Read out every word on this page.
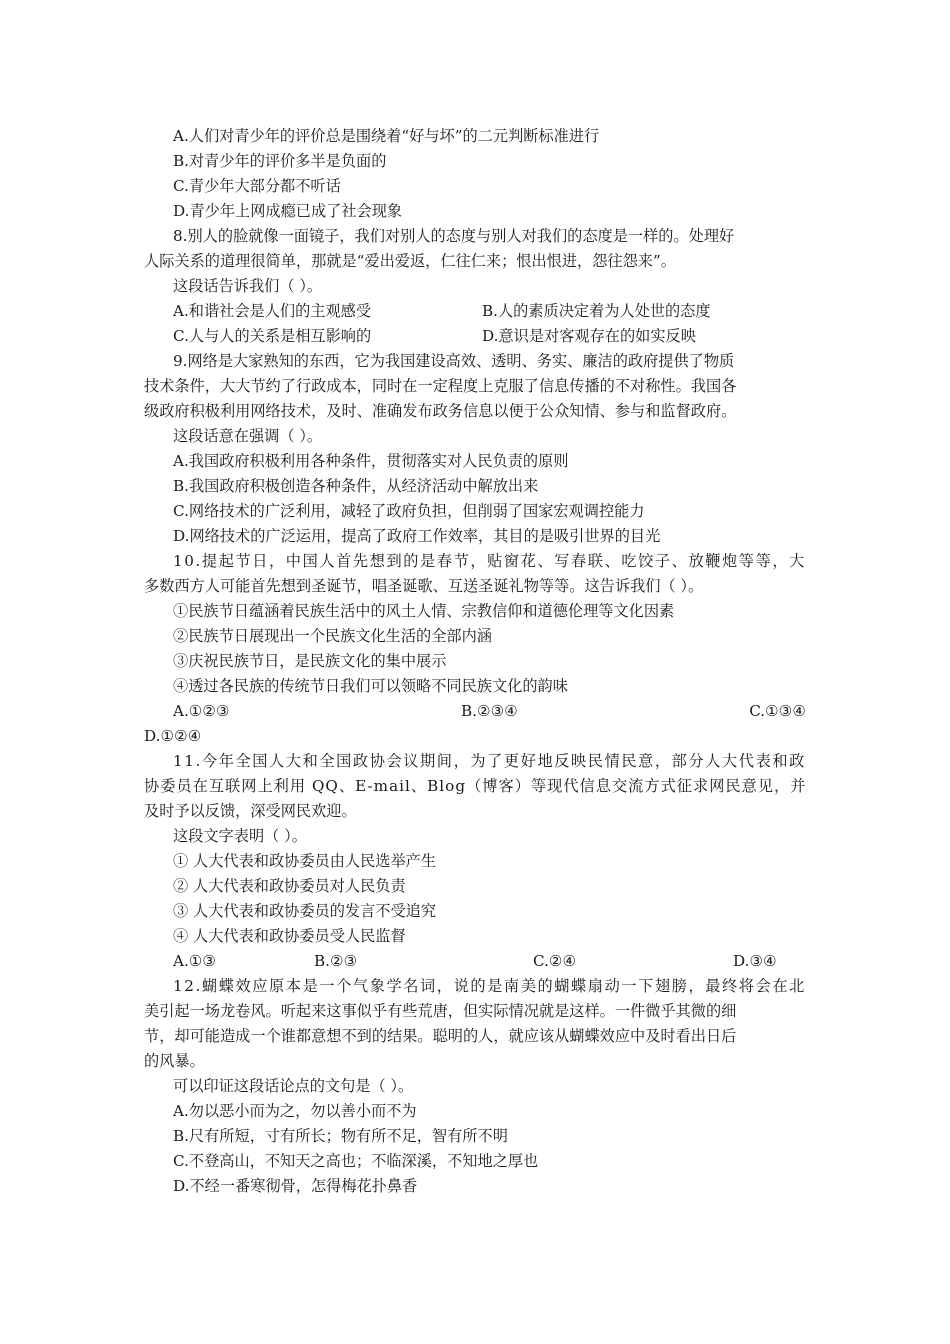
A.人们对青少年的评价总是围绕着“好与坏”的二元判断标准进行
B.对青少年的评价多半是负面的
C.青少年大部分都不听话
D.青少年上网成瘾已成了社会现象
8.别人的脸就像一面镜子，我们对别人的态度与别人对我们的态度是一样的。处理好
人际关系的道理很简单，那就是“爱出爱返，仁往仁来；恨出恨进，怨往怨来”。
这段话告诉我们（ ）。
A.和谐社会是人们的主观感受	B.人的素质决定着为人处世的态度
C.人与人的关系是相互影响的	D.意识是对客观存在的如实反映
9.网络是大家熟知的东西，它为我国建设高效、透明、务实、廉洁的政府提供了物质
技术条件，大大节约了行政成本，同时在一定程度上克服了信息传播的不对称性。我国各
级政府积极利用网络技术，及时、准确发布政务信息以便于公众知情、参与和监督政府。
这段话意在强调（ ）。
A.我国政府积极利用各种条件，贯彻落实对人民负责的原则
B.我国政府积极创造各种条件，从经济活动中解放出来
C.网络技术的广泛利用，减轻了政府负担，但削弱了国家宏观调控能力
D.网络技术的广泛运用，提高了政府工作效率，其目的是吸引世界的目光
10.提起节日，中国人首先想到的是春节，贴窗花、写春联、吃饺子、放鞭炮等等，大
多数西方人可能首先想到圣诞节，唱圣诞歌、互送圣诞礼物等等。这告诉我们（ ）。
①民族节日蕴涵着民族生活中的风土人情、宗教信仰和道德伦理等文化因素
②民族节日展现出一个民族文化生活的全部内涵
③庆祝民族节日，是民族文化的集中展示
④透过各民族的传统节日我们可以领略不同民族文化的韵味
A.①②③	B.②③④	C.①③④
D.①②④
11.今年全国人大和全国政协会议期间，为了更好地反映民情民意，部分人大代表和政
协委员在互联网上利用 QQ、E-mail、Blog（博客）等现代信息交流方式征求网民意见，并
及时予以反馈，深受网民欢迎。
这段文字表明（ ）。
① 人大代表和政协委员由人民选举产生
② 人大代表和政协委员对人民负责
③ 人大代表和政协委员的发言不受追究
④ 人大代表和政协委员受人民监督
A.①③	B.②③	C.②④	D.③④
12.蝴蝶效应原本是一个气象学名词，说的是南美的蝴蝶扇动一下翅膀，最终将会在北
美引起一场龙卷风。听起来这事似乎有些荒唐，但实际情况就是这样。一件微乎其微的细
节，却可能造成一个谁都意想不到的结果。聪明的人，就应该从蝴蝶效应中及时看出日后
的风暴。
可以印证这段话论点的文句是（ ）。
A.勿以恶小而为之，勿以善小而不为
B.尺有所短，寸有所长；物有所不足，智有所不明
C.不登高山，不知天之高也；不临深溪，不知地之厚也
D.不经一番寒彻骨，怎得梅花扑鼻香
